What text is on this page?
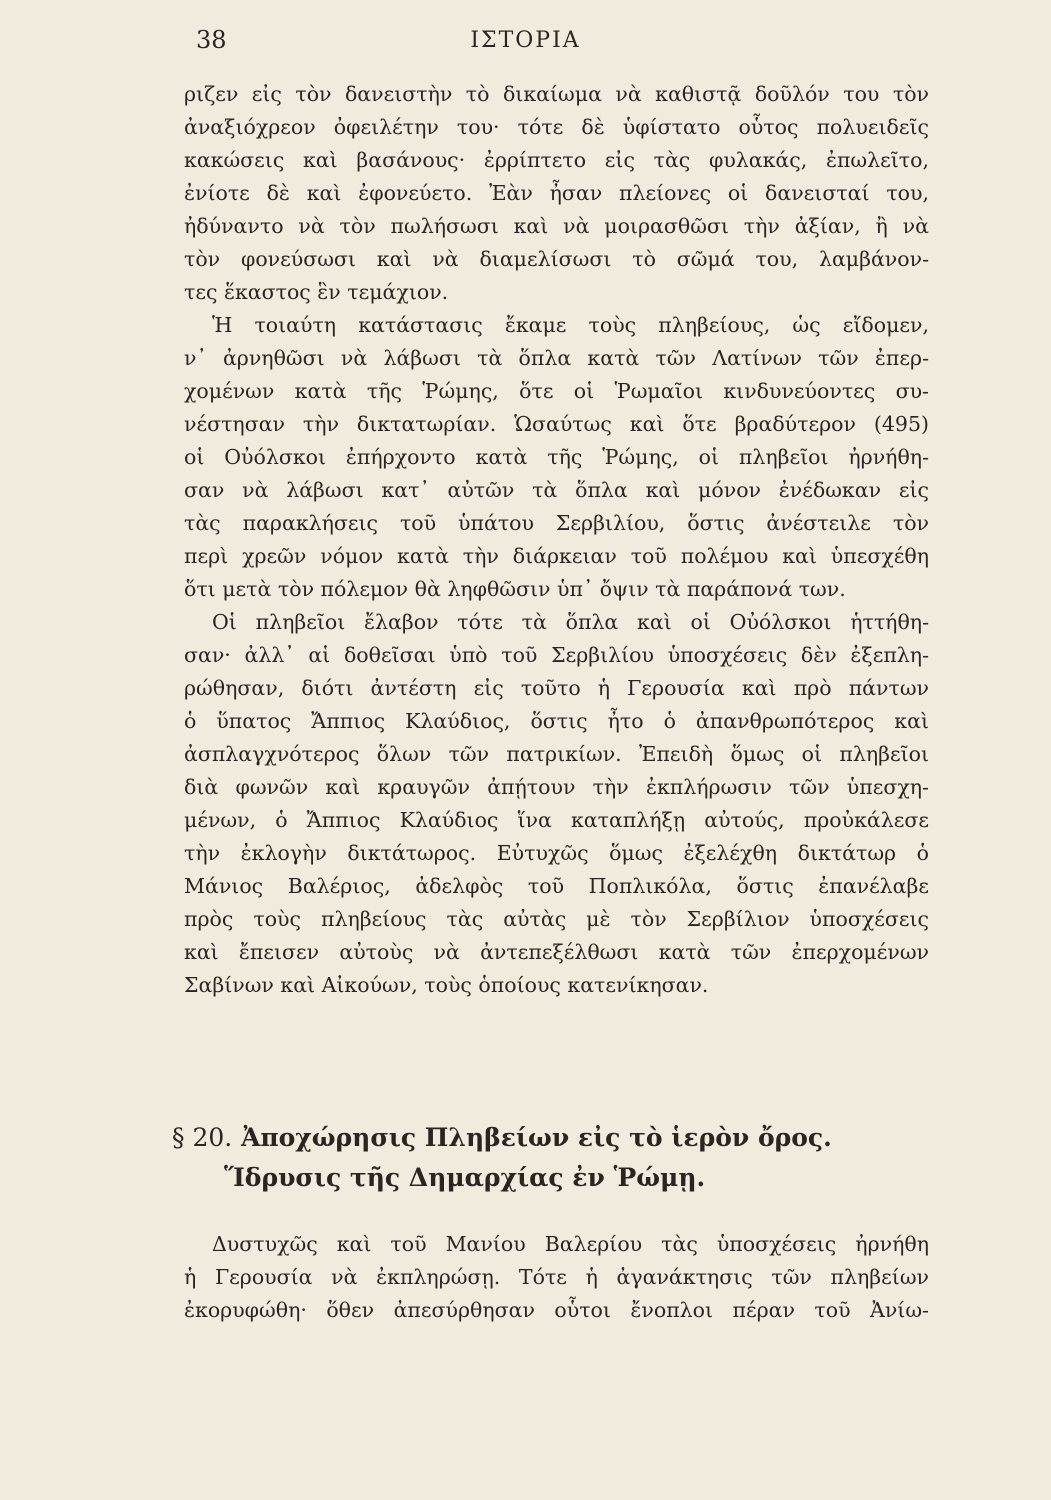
38	ΙΣΤΟΡΙΑ
ριζεν εἰς τὸν δανειστὴν τὸ δικαίωμα νὰ καθιστᾷ δοῦλόν του τὸν
ἀναξιόχρεον ὀφειλέτην του· τότε δὲ ὑφίστατο οὗτος πολυειδεῖς
κακώσεις καὶ βασάνους· ἐρρίπτετο εἰς τὰς φυλακάς, ἐπωλεῖτο,
ἐνίοτε δὲ καὶ ἐφονεύετο. Ἐὰν ἦσαν πλείονες οἱ δανεισταί του,
ἠδύναντο νὰ τὸν πωλήσωσι καὶ νὰ μοιρασθῶσι τὴν ἀξίαν, ἢ νὰ
τὸν φονεύσωσι καὶ νὰ διαμελίσωσι τὸ σῶμά του, λαμβάνον-
τες ἕκαστος ἓν τεμάχιον.
Ἡ τοιαύτη κατάστασις ἔκαμε τοὺς πληβείους, ὡς εἴδομεν,
ν᾿ ἀρνηθῶσι νὰ λάβωσι τὰ ὅπλα κατὰ τῶν Λατίνων τῶν ἐπερ-
χομένων κατὰ τῆς Ῥώμης, ὅτε οἱ Ῥωμαῖοι κινδυνεύοντες συ-
νέστησαν τὴν δικτατωρίαν. Ὡσαύτως καὶ ὅτε βραδύτερον (495)
οἱ Οὐόλσκοι ἐπήρχοντο κατὰ τῆς Ῥώμης, οἱ πληβεῖοι ἠρνήθη-
σαν νὰ λάβωσι κατ᾿ αὐτῶν τὰ ὅπλα καὶ μόνον ἐνέδωκαν εἰς
τὰς παρακλήσεις τοῦ ὑπάτου Σερβιλίου, ὅστις ἀνέστειλε τὸν
περὶ χρεῶν νόμον κατὰ τὴν διάρκειαν τοῦ πολέμου καὶ ὑπεσχέθη
ὅτι μετὰ τὸν πόλεμον θὰ ληφθῶσιν ὑπ᾿ ὄψιν τὰ παράπονά των.
Οἱ πληβεῖοι ἔλαβον τότε τὰ ὅπλα καὶ οἱ Οὐόλσκοι ἡττήθη-
σαν· ἀλλ᾿ αἱ δοθεῖσαι ὑπὸ τοῦ Σερβιλίου ὑποσχέσεις δὲν ἐξεπλη-
ρώθησαν, διότι ἀντέστη εἰς τοῦτο ἡ Γερουσία καὶ πρὸ πάντων
ὁ ὕπατος Ἄππιος Κλαύδιος, ὅστις ἦτο ὁ ἀπανθρωπότερος καὶ
ἀσπλαγχνότερος ὅλων τῶν πατρικίων. Ἐπειδὴ ὅμως οἱ πληβεῖοι
διὰ φωνῶν καὶ κραυγῶν ἀπῄτουν τὴν ἐκπλήρωσιν τῶν ὑπεσχη-
μένων, ὁ Ἄππιος Κλαύδιος ἵνα καταπλήξῃ αὐτούς, προὐκάλεσε
τὴν ἐκλογὴν δικτάτωρος. Εὐτυχῶς ὅμως ἐξελέχθη δικτάτωρ ὁ
Μάνιος Βαλέριος, ἀδελφὸς τοῦ Ποπλικόλα, ὅστις ἐπανέλαβε
πρὸς τοὺς πληβείους τὰς αὐτὰς μὲ τὸν Σερβίλιον ὑποσχέσεις
καὶ ἔπεισεν αὐτοὺς νὰ ἀντεπεξέλθωσι κατὰ τῶν ἐπερχομένων
Σαβίνων καὶ Αἰκούων, τοὺς ὁποίους κατενίκησαν.
§ 20. Ἀποχώρησις Πληβείων εἰς τὸ ἱερὸν ὄρος.
Ἵδρυσις τῆς Δημαρχίας ἐν Ῥώμῃ.
Δυστυχῶς καὶ τοῦ Μανίου Βαλερίου τὰς ὑποσχέσεις ἠρνήθη
ἡ Γερουσία νὰ ἐκπληρώσῃ. Τότε ἡ ἀγανάκτησις τῶν πληβείων
ἐκορυφώθη· ὅθεν ἀπεσύρθησαν οὗτοι ἔνοπλοι πέραν τοῦ Ἀνίω-
